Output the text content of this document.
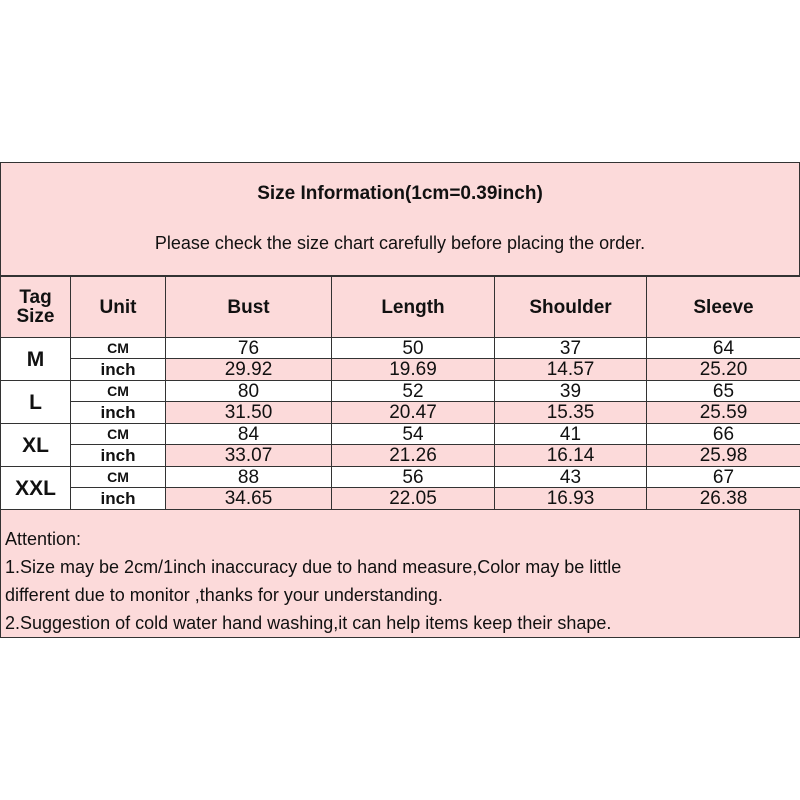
Size Information(1cm=0.39inch)
Please check the size chart carefully before placing the order.
Tag
Size	Unit	Bust	Length	Shoulder	Sleeve
M	CM	76	50	37	64
	inch	29.92	19.69	14.57	25.20
L	CM	80	52	39	65
	inch	31.50	20.47	15.35	25.59
XL	CM	84	54	41	66
	inch	33.07	21.26	16.14	25.98
XXL	CM	88	56	43	67
	inch	34.65	22.05	16.93	26.38
Attention:
1.Size may be 2cm/1inch inaccuracy due to hand measure,Color may be little
different due to monitor ,thanks for your understanding.
2.Suggestion of cold water hand washing,it can help items keep their shape.
